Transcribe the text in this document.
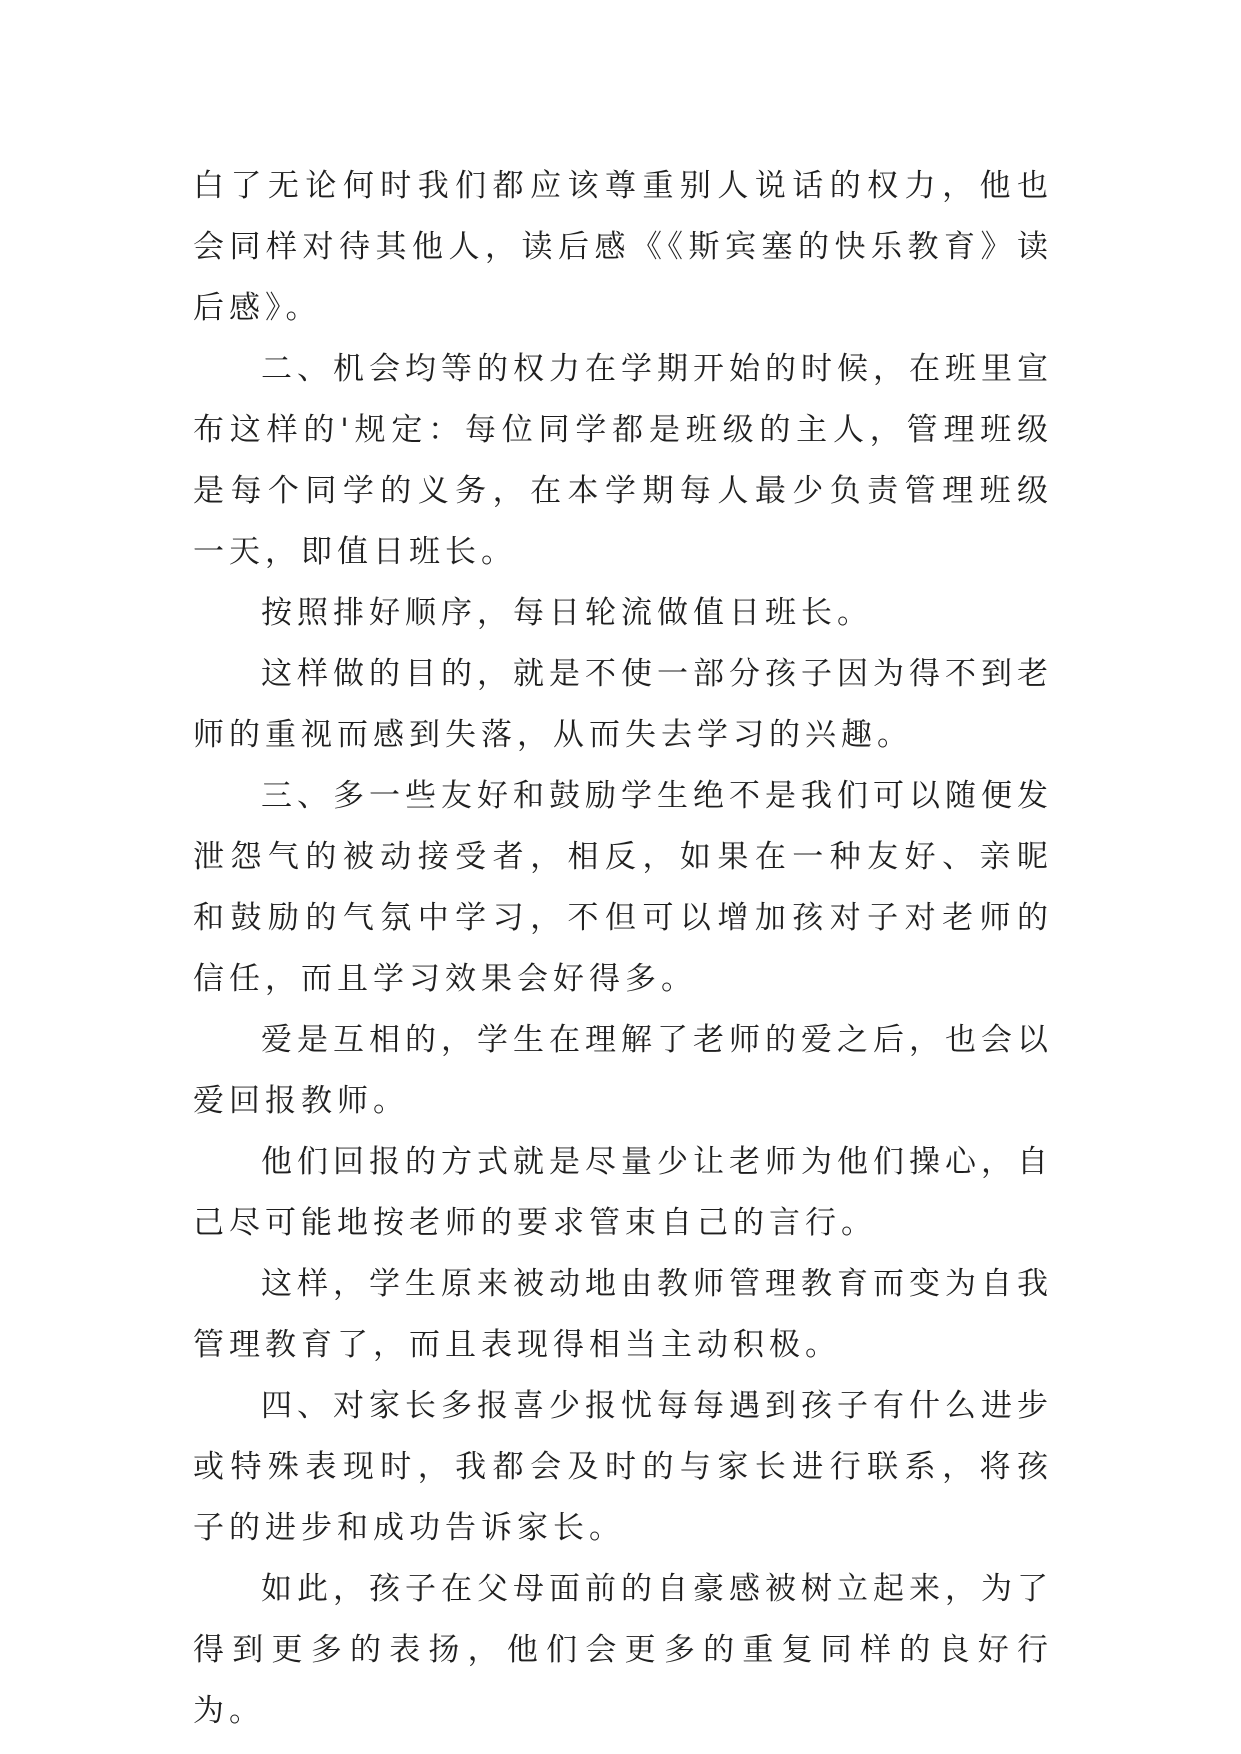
白了无论何时我们都应该尊重别人说话的权力，他也会同样对待其他人，读后感《《斯宾塞的快乐教育》读后感》。

二、机会均等的权力在学期开始的时候，在班里宣布这样的'规定：每位同学都是班级的主人，管理班级是每个同学的义务，在本学期每人最少负责管理班级一天，即值日班长。

按照排好顺序，每日轮流做值日班长。

这样做的目的，就是不使一部分孩子因为得不到老师的重视而感到失落，从而失去学习的兴趣。

三、多一些友好和鼓励学生绝不是我们可以随便发泄怨气的被动接受者，相反，如果在一种友好、亲昵和鼓励的气氛中学习，不但可以增加孩对子对老师的信任，而且学习效果会好得多。

爱是互相的，学生在理解了老师的爱之后，也会以爱回报教师。

他们回报的方式就是尽量少让老师为他们操心，自己尽可能地按老师的要求管束自己的言行。

这样，学生原来被动地由教师管理教育而变为自我管理教育了，而且表现得相当主动积极。

四、对家长多报喜少报忧每每遇到孩子有什么进步或特殊表现时，我都会及时的与家长进行联系，将孩子的进步和成功告诉家长。

如此，孩子在父母面前的自豪感被树立起来，为了得到更多的表扬，他们会更多的重复同样的良好行为。
